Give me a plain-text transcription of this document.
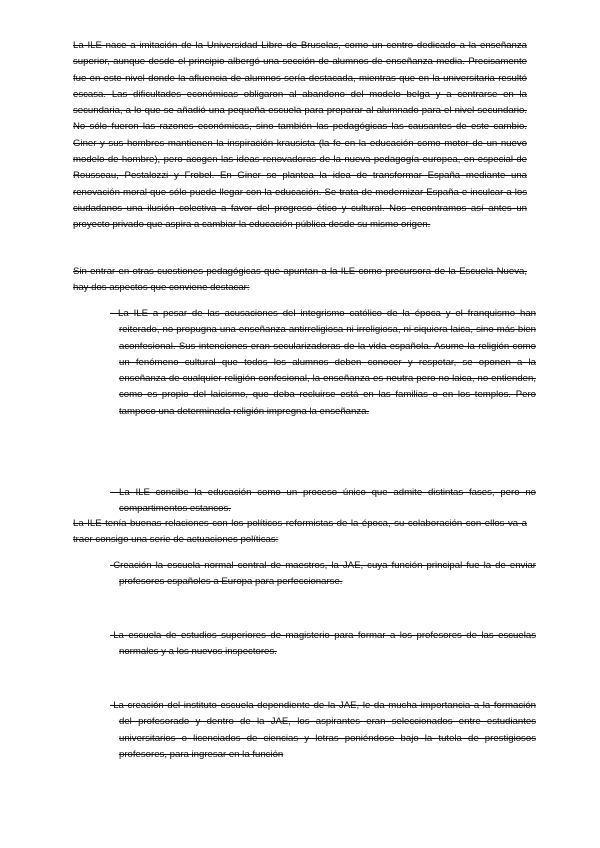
La ILE nace a imitación de la Universidad Libre de Bruselas, como un centro dedicado a la enseñanza superior, aunque desde el principio albergó una sección de alumnos de enseñanza media. Precisamente fue en este nivel donde la afluencia de alumnos sería destacada, mientras que en la universitaria resultó escasa. Las dificultades económicas obligaron al abandono del modelo belga y a centrarse en la secundaria, a lo que se añadió una pequeña escuela para preparar al alumnado para el nivel secundario. No sólo fueron las razones económicas, sino también las pedagógicas las causantes de este cambio. Giner y sus hombres mantienen la inspiración krausista (la fe en la educación como motor de un nuevo modelo de hombre), pero acogen las ideas renovadoras de la nueva pedagogía europea, en especial de Rousseau, Pestalozzi y Frobel. En Giner se plantea la idea de transformar España mediante una renovación moral que sólo puede llegar con la educación. Se trata de modernizar España e inculcar a los ciudadanos una ilusión colectiva a favor del progreso ético y cultural. Nos encontramos así antes un proyecto privado que aspira a cambiar la educación pública desde su mismo origen.

Sin entrar en otras cuestiones pedagógicas que apuntan a la ILE como precursora de la Escuela Nueva, hay dos aspectos que conviene destacar:

- La ILE a pesar de las acusaciones del integrismo católico de la época y el franquismo han reiterado, no propugna una enseñanza antirreligiosa ni irreligiosa, ni siquiera laica, sino más bien aconfesional. Sus intenciones eran secularizadoras de la vida española. Asume la religión como un fenómeno cultural que todos los alumnos deben conocer y respetar, se oponen a la enseñanza de cualquier religión confesional, la enseñanza es neutra pero no laica, no entienden, como es propio del laicismo, que deba recluirse está en las familias o en los templos. Pero tampoco una determinada religión impregna la enseñanza.

- La ILE concibe la educación como un proceso único que admite distintas fases, pero no compartimentos estancos.

La ILE tenía buenas relaciones con los políticos reformistas de la época, su colaboración con ellos va a traer consigo una serie de actuaciones políticas:

-Creación la escuela normal central de maestros, la JAE, cuya función principal fue la de enviar profesores españoles a Europa para perfeccionarse.

-La escuela de estudios superiores de magisterio para formar a los profesores de las escuelas normales y a los nuevos inspectores.

-La creación del instituto escuela dependiente de la JAE, le da mucha importancia a la formación del profesorado y dentro de la JAE, los aspirantes eran seleccionados entre estudiantes universitarios o licenciados de ciencias y letras poniéndose bajo la tutela de prestigiosos profesores, para ingresar en la función
